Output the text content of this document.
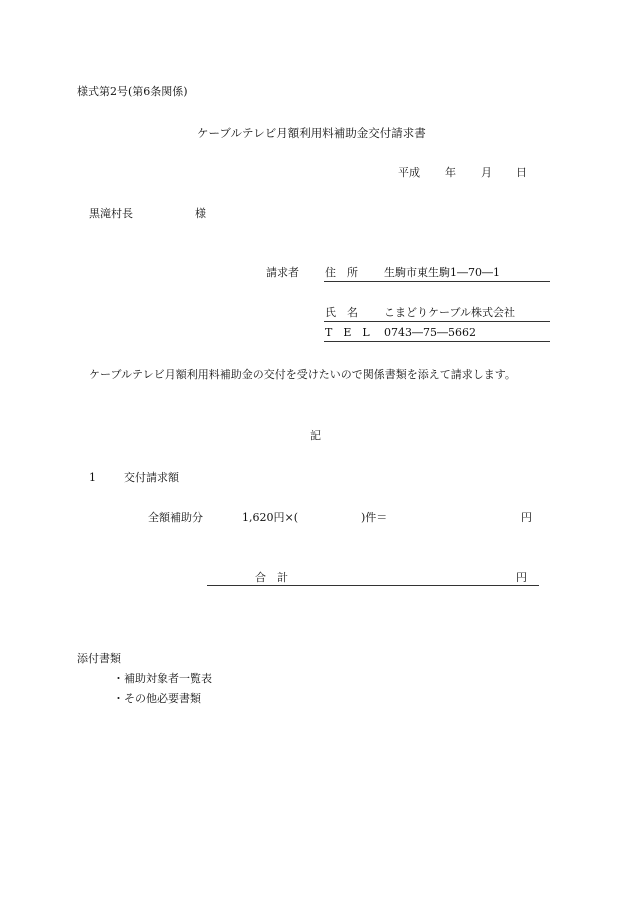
様式第2号(第6条関係)
ケーブルテレビ月額利用料補助金交付請求書
平成 年 月 日
黒滝村長	様
請求者 住　所 生駒市東生駒1―70―1
氏　名 こまどりケーブル株式会社
T　E　L 0743―75―5662
ケーブルテレビ月額利用料補助金の交付を受けたいので関係書類を添えて請求します。
記
1	交付請求額
全額補助分	1,620円×(	)件＝	円
合　計	円
添付書類
・補助対象者一覧表
・その他必要書類
